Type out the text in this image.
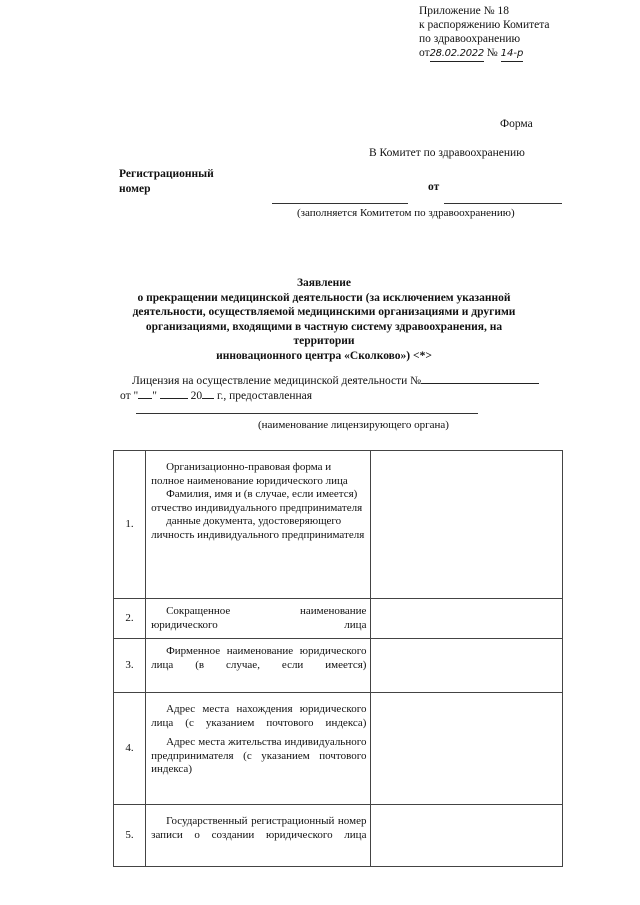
Приложение № 18
к распоряжению Комитета
по здравоохранению
от28.02.2022 № 14-р
Форма
В Комитет по здравоохранению
Регистрационный
номер	от
(заполняется Комитетом по здравоохранению)
Заявление
о прекращении медицинской деятельности (за исключением указанной
деятельности, осуществляемой медицинскими организациями и другими
организациями, входящими в частную систему здравоохранения, на территории
инновационного центра «Сколково») <*>
Лицензия на осуществление медицинской деятельности №
от " "	20 г., предоставленная
(наименование лицензирующего органа)
1.	Организационно-правовая форма и полное наименование юридического лица
Фамилия, имя и (в случае, если имеется) отчество индивидуального предпринимателя
данные документа, удостоверяющего личность индивидуального предпринимателя	

2.	Сокращенное наименование юридического лица	

3.	Фирменное наименование юридического лица (в случае, если имеется)	

4.	Адрес места нахождения юридического лица (с указанием почтового индекса)
Адрес места жительства индивидуального предпринимателя (с указанием почтового индекса)	

5.	Государственный регистрационный номер записи о создании юридического лица	
